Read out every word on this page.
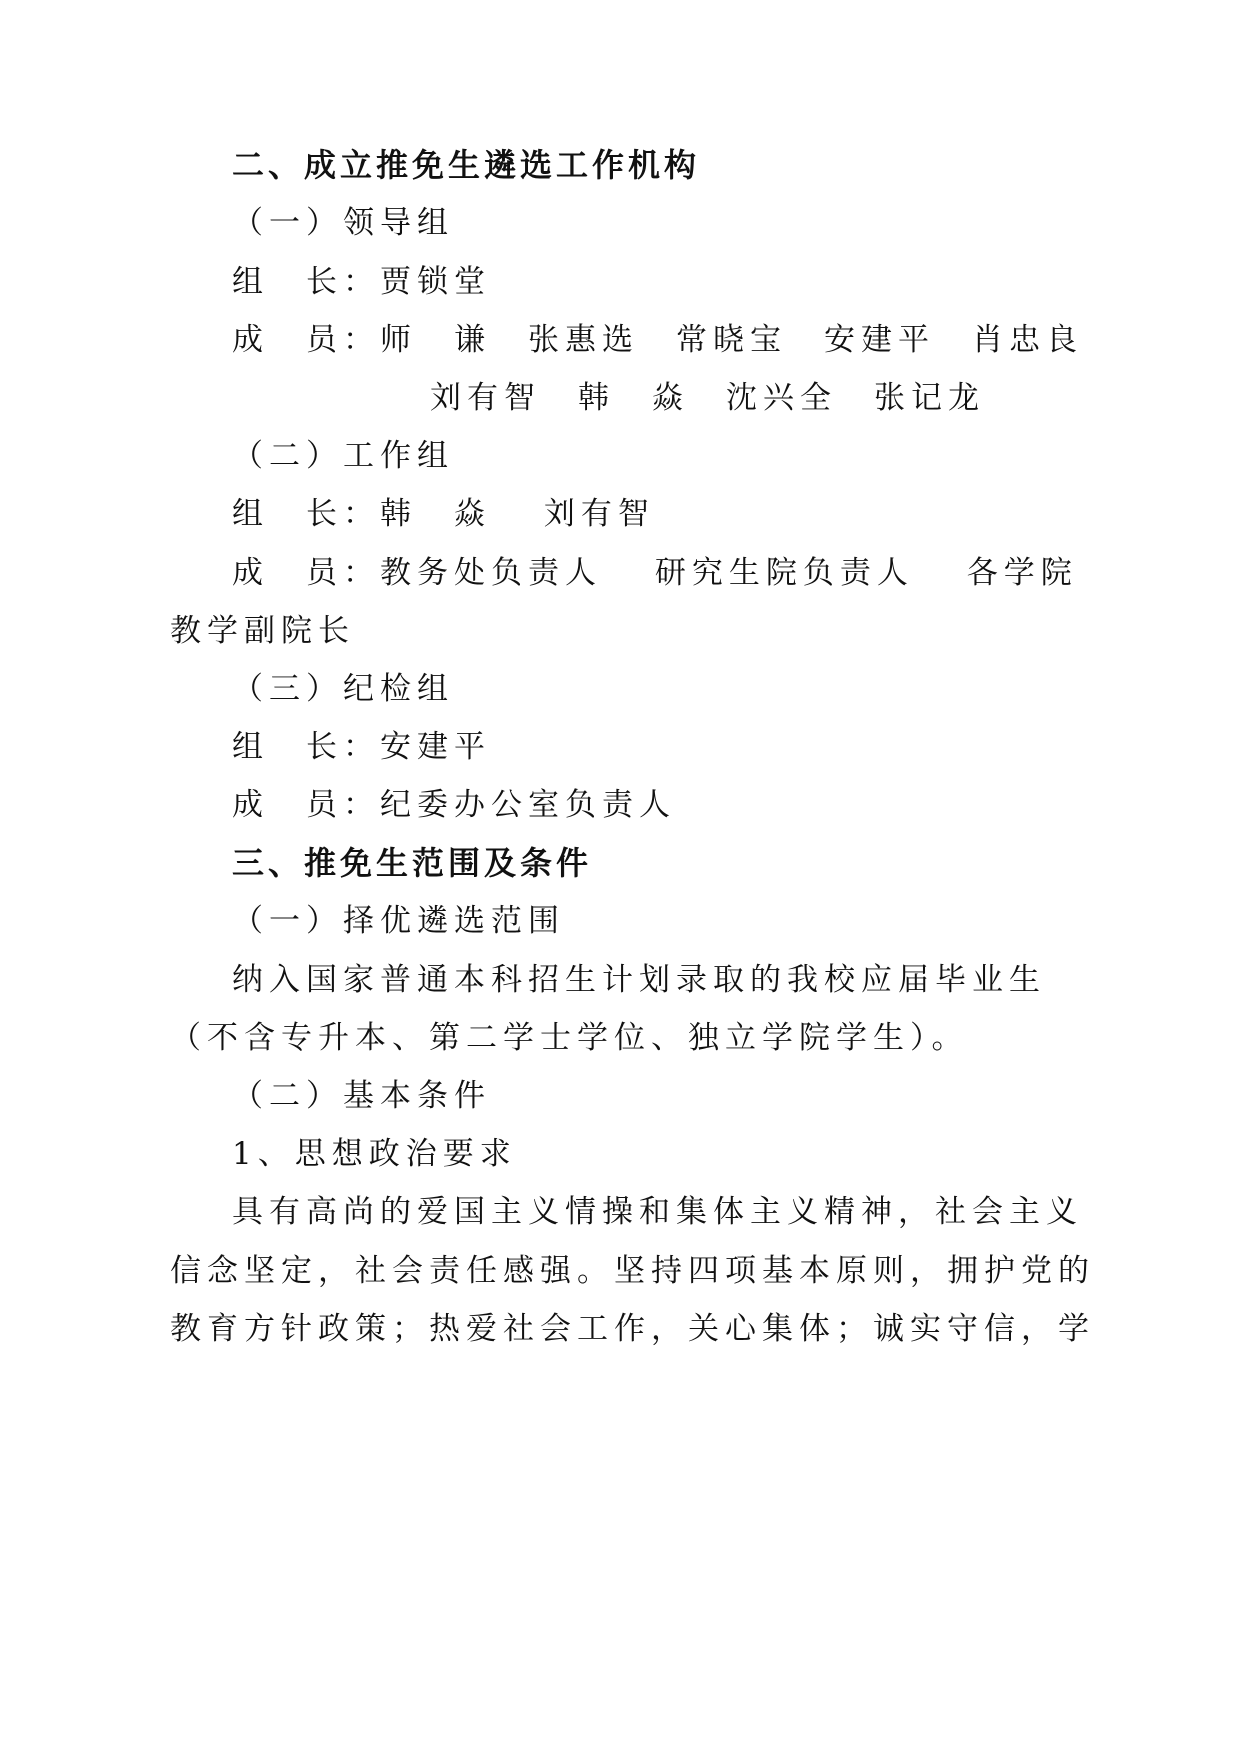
二、成立推免生遴选工作机构
（一）领导组
组　长：贾锁堂
成　员：师　谦　张惠选　常晓宝　安建平　肖忠良
刘有智　韩　焱　沈兴全　张记龙
（二）工作组
组　长：韩　焱　 刘有智
成　员：教务处负责人　 研究生院负责人　 各学院
教学副院长
（三）纪检组
组　长：安建平
成　员：纪委办公室负责人
三、推免生范围及条件
（一）择优遴选范围
纳入国家普通本科招生计划录取的我校应届毕业生
（不含专升本、第二学士学位、独立学院学生）。
（二）基本条件
1、思想政治要求
具有高尚的爱国主义情操和集体主义精神，社会主义
信念坚定，社会责任感强。坚持四项基本原则，拥护党的
教育方针政策；热爱社会工作，关心集体；诚实守信，学
